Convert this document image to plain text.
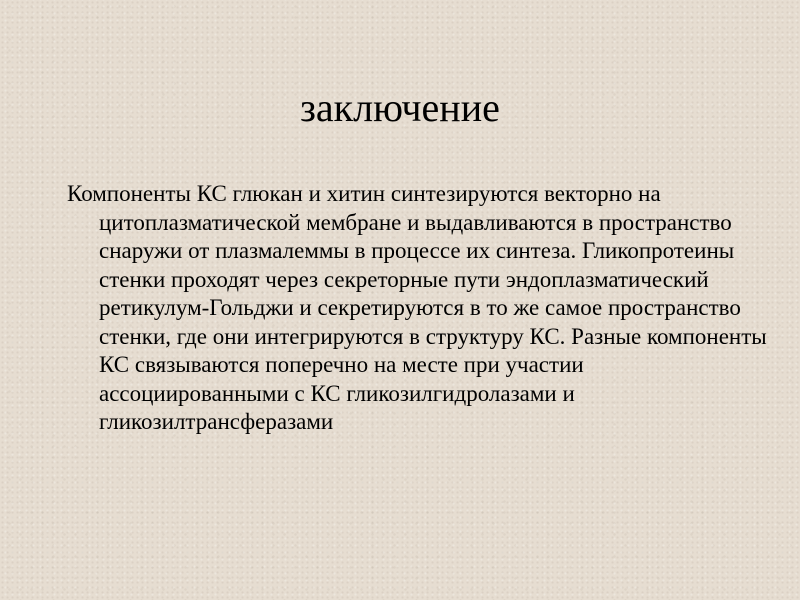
заключение

Компоненты КС глюкан и хитин синтезируются векторно на цитоплазматической мембране и выдавливаются в пространство снаружи от плазмалеммы в процессе их синтеза. Гликопротеины стенки проходят через секреторные пути эндоплазматический ретикулум-Гольджи и секретируются в то же самое пространство стенки, где они интегрируются в структуру КС. Разные компоненты КС связываются поперечно на месте при участии ассоциированными с КС гликозилгидролазами и гликозилтрансферазами
